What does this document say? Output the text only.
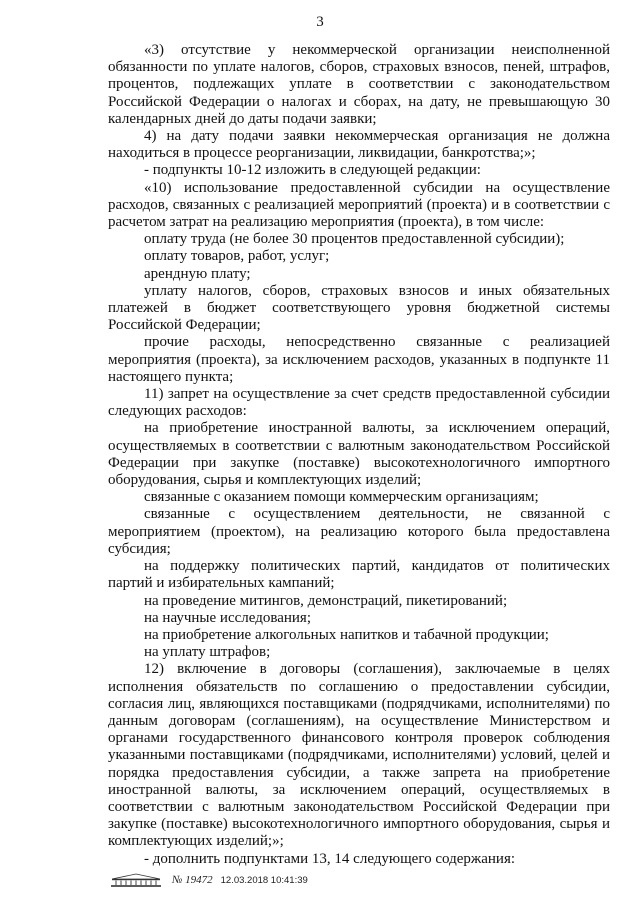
3

«3) отсутствие у некоммерческой организации неисполненной обязанности по уплате налогов, сборов, страховых взносов, пеней, штрафов, процентов, подлежащих уплате в соответствии с законодательством Российской Федерации о налогах и сборах, на дату, не превышающую 30 календарных дней до даты подачи заявки;

4) на дату подачи заявки некоммерческая организация не должна находиться в процессе реорганизации, ликвидации, банкротства;»;

- подпункты 10-12 изложить в следующей редакции:

«10) использование предоставленной субсидии на осуществление расходов, связанных с реализацией мероприятий (проекта) и в соответствии с расчетом затрат на реализацию мероприятия (проекта), в том числе:

оплату труда (не более 30 процентов предоставленной субсидии);

оплату товаров, работ, услуг;

арендную плату;

уплату налогов, сборов, страховых взносов и иных обязательных платежей в бюджет соответствующего уровня бюджетной системы Российской Федерации;

прочие расходы, непосредственно связанные с реализацией мероприятия (проекта), за исключением расходов, указанных в подпункте 11 настоящего пункта;

11) запрет на осуществление за счет средств предоставленной субсидии следующих расходов:

на приобретение иностранной валюты, за исключением операций, осуществляемых в соответствии с валютным законодательством Российской Федерации при закупке (поставке) высокотехнологичного импортного оборудования, сырья и комплектующих изделий;

связанные с оказанием помощи коммерческим организациям;

связанные с осуществлением деятельности, не связанной с мероприятием (проектом), на реализацию которого была предоставлена субсидия;

на поддержку политических партий, кандидатов от политических партий и избирательных кампаний;

на проведение митингов, демонстраций, пикетирований;

на научные исследования;

на приобретение алкогольных напитков и табачной продукции;

на уплату штрафов;

12) включение в договоры (соглашения), заключаемые в целях исполнения обязательств по соглашению о предоставлении субсидии, согласия лиц, являющихся поставщиками (подрядчиками, исполнителями) по данным договорам (соглашениям), на осуществление Министерством и органами государственного финансового контроля проверок соблюдения указанными поставщиками (подрядчиками, исполнителями) условий, целей и порядка предоставления субсидии, а также запрета на приобретение иностранной валюты, за исключением операций, осуществляемых в соответствии с валютным законодательством Российской Федерации при закупке (поставке) высокотехнологичного импортного оборудования, сырья и комплектующих изделий;»;

- дополнить подпунктами 13, 14 следующего содержания:

№ 19472 12.03.2018 10:41:39
